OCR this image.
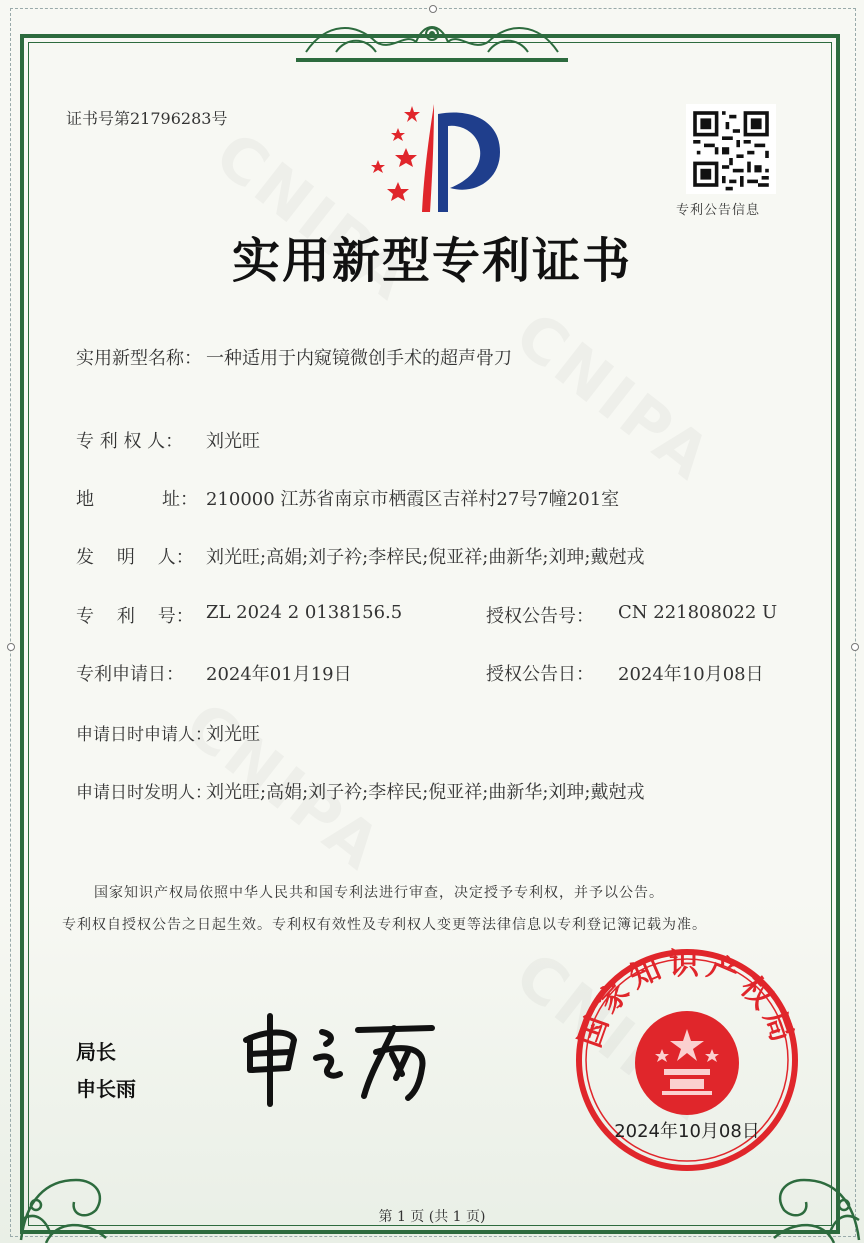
证书号第21796283号
专利公告信息
实用新型专利证书
实用新型名称： 一种适用于内窥镜微创手术的超声骨刀
专 利 权 人： 刘光旺
地	址： 210000 江苏省南京市栖霞区吉祥村27号7幢201室
发    明    人： 刘光旺;高娟;刘子衿;李梓民;倪亚祥;曲新华;刘珅;戴尅戎
专    利    号： ZL 2024 2 0138156.5	授权公告号： CN 221808022 U
专利申请日： 2024年01月19日	授权公告日： 2024年10月08日
申请日时申请人：
刘光旺
申请日时发明人：
刘光旺;高娟;刘子衿;李梓民;倪亚祥;曲新华;刘珅;戴尅戎
国家知识产权局依照中华人民共和国专利法进行审查，决定授予专利权，并予以公告。
专利权自授权公告之日起生效。专利权有效性及专利权人变更等法律信息以专利登记簿记载为准。
局长
申长雨
国家知识产权局
2024年10月08日
第 1 页 (共 1 页)
